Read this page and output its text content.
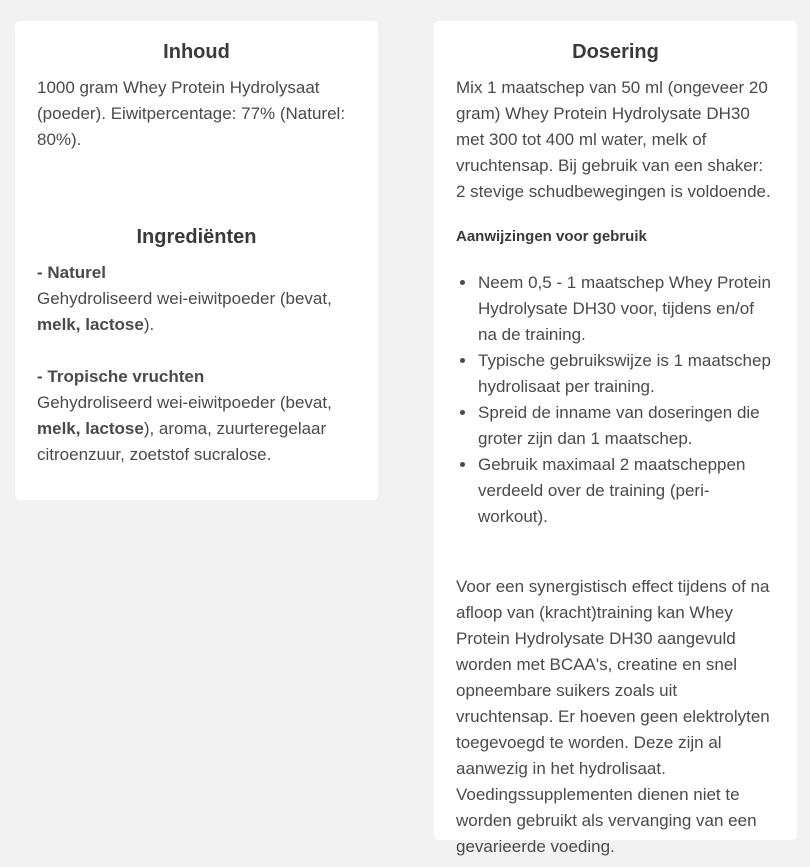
Inhoud

1000 gram Whey Protein Hydrolysaat (poeder). Eiwitpercentage: 77% (Naturel: 80%).

Ingrediënten

- Naturel
Gehydroliseerd wei-eiwitpoeder (bevat, melk, lactose).

- Tropische vruchten
Gehydroliseerd wei-eiwitpoeder (bevat, melk, lactose), aroma, zuurteregelaar citroenzuur, zoetstof sucralose.

Dosering

Mix 1 maatschep van 50 ml (ongeveer 20 gram) Whey Protein Hydrolysate DH30 met 300 tot 400 ml water, melk of vruchtensap. Bij gebruik van een shaker: 2 stevige schudbewegingen is voldoende.

Aanwijzingen voor gebruik
• Neem 0,5 - 1 maatschep Whey Protein Hydrolysate DH30 voor, tijdens en/of na de training.
• Typische gebruikswijze is 1 maatschep hydrolisaat per training.
• Spreid de inname van doseringen die groter zijn dan 1 maatschep.
• Gebruik maximaal 2 maatscheppen verdeeld over de training (peri-workout).

Voor een synergistisch effect tijdens of na afloop van (kracht)training kan Whey Protein Hydrolysate DH30 aangevuld worden met BCAA's, creatine en snel opneembare suikers zoals uit vruchtensap. Er hoeven geen elektrolyten toegevoegd te worden. Deze zijn al aanwezig in het hydrolisaat. Voedingssupplementen dienen niet te worden gebruikt als vervanging van een gevarieerde voeding.
